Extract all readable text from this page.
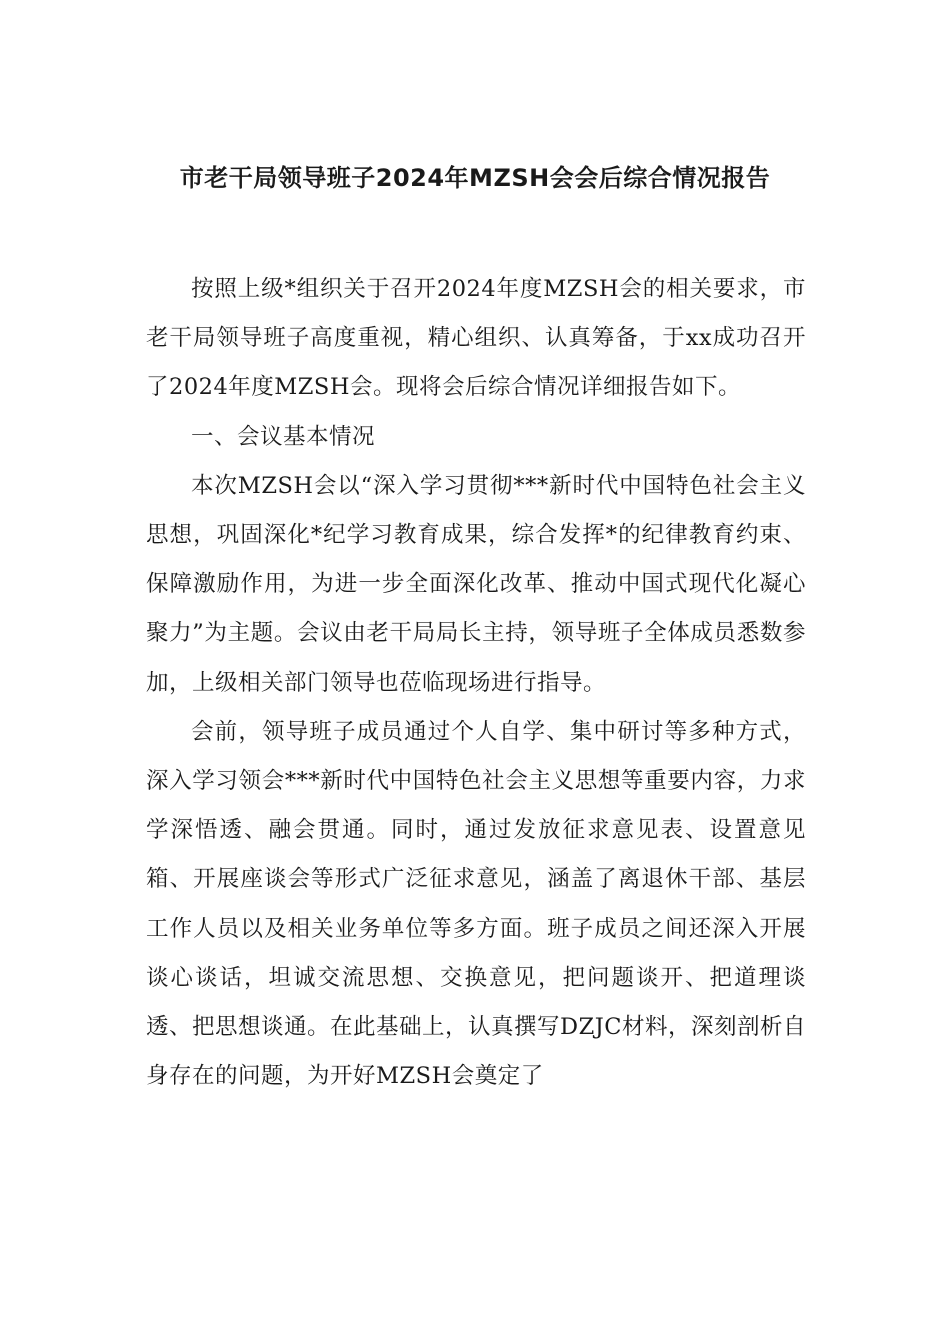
市老干局领导班子2024年MZSH会会后综合情况报告

按照上级*组织关于召开2024年度MZSH会的相关要求，市老干局领导班子高度重视，精心组织、认真筹备，于xx成功召开了2024年度MZSH会。现将会后综合情况详细报告如下。

一、会议基本情况

本次MZSH会以“深入学习贯彻***新时代中国特色社会主义思想，巩固深化*纪学习教育成果，综合发挥*的纪律教育约束、保障激励作用，为进一步全面深化改革、推动中国式现代化凝心聚力”为主题。会议由老干局局长主持，领导班子全体成员悉数参加，上级相关部门领导也莅临现场进行指导。

会前，领导班子成员通过个人自学、集中研讨等多种方式，深入学习领会***新时代中国特色社会主义思想等重要内容，力求学深悟透、融会贯通。同时，通过发放征求意见表、设置意见箱、开展座谈会等形式广泛征求意见，涵盖了离退休干部、基层工作人员以及相关业务单位等多方面。班子成员之间还深入开展谈心谈话，坦诚交流思想、交换意见，把问题谈开、把道理谈透、把思想谈通。在此基础上，认真撰写DZJC材料，深刻剖析自身存在的问题，为开好MZSH会奠定了
